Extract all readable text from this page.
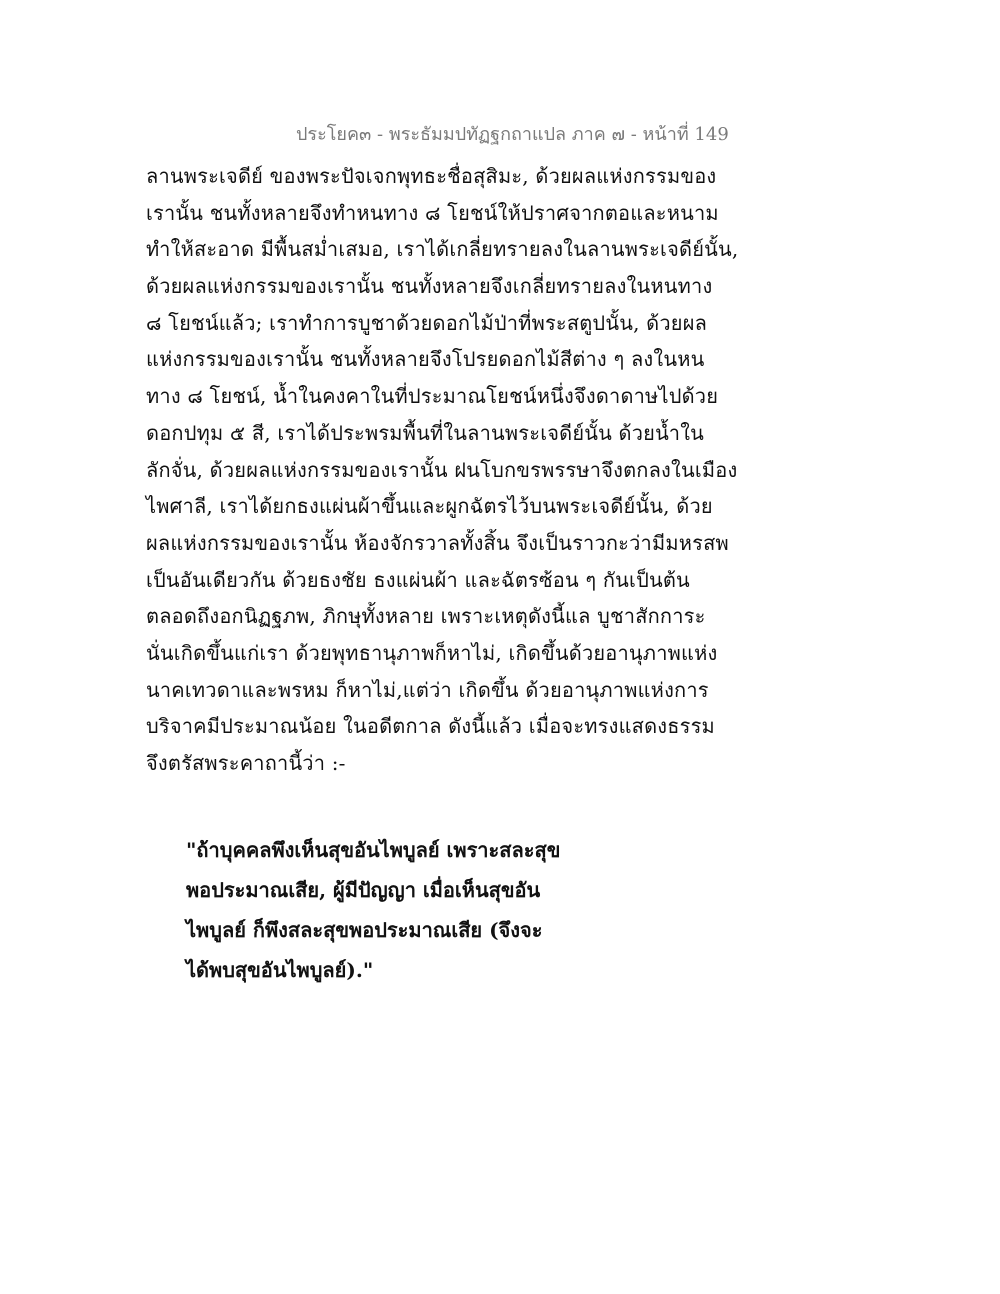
ประโยค๓ - พระธัมมปทัฏฐกถาแปล ภาค ๗ - หน้าที่ 149
ลานพระเจดีย์ ของพระปัจเจกพุทธะชื่อสุสิมะ, ด้วยผลแห่งกรรมของ
เรานั้น ชนทั้งหลายจึงทำหนทาง ๘ โยชน์ให้ปราศจากตอและหนาม
ทำให้สะอาด มีพื้นสม่ำเสมอ, เราได้เกลี่ยทรายลงในลานพระเจดีย์นั้น,
ด้วยผลแห่งกรรมของเรานั้น ชนทั้งหลายจึงเกลี่ยทรายลงในหนทาง
๘ โยชน์แล้ว; เราทำการบูชาด้วยดอกไม้ป่าที่พระสตูปนั้น, ด้วยผล
แห่งกรรมของเรานั้น ชนทั้งหลายจึงโปรยดอกไม้สีต่าง ๆ ลงในหน
ทาง ๘ โยชน์, น้ำในคงคาในที่ประมาณโยชน์หนึ่งจึงดาดาษไปด้วย
ดอกปทุม ๕ สี, เราได้ประพรมพื้นที่ในลานพระเจดีย์นั้น ด้วยน้ำใน
ลักจั่น, ด้วยผลแห่งกรรมของเรานั้น ฝนโบกขรพรรษาจึงตกลงในเมือง
ไพศาลี, เราได้ยกธงแผ่นผ้าขึ้นและผูกฉัตรไว้บนพระเจดีย์นั้น, ด้วย
ผลแห่งกรรมของเรานั้น ห้องจักรวาลทั้งสิ้น จึงเป็นราวกะว่ามีมหรสพ
เป็นอันเดียวกัน ด้วยธงชัย ธงแผ่นผ้า และฉัตรซ้อน ๆ กันเป็นต้น
ตลอดถึงอกนิฏฐภพ, ภิกษุทั้งหลาย เพราะเหตุดังนี้แล บูชาสักการะ
นั่นเกิดขึ้นแก่เรา ด้วยพุทธานุภาพก็หาไม่, เกิดขึ้นด้วยอานุภาพแห่ง
นาคเทวดาและพรหม ก็หาไม่,แต่ว่า เกิดขึ้น ด้วยอานุภาพแห่งการ
บริจาคมีประมาณน้อย ในอดีตกาล ดังนี้แล้ว เมื่อจะทรงแสดงธรรม
จึงตรัสพระคาถานี้ว่า :-
"ถ้าบุคคลพึงเห็นสุขอันไพบูลย์ เพราะสละสุข
พอประมาณเสีย, ผู้มีปัญญา เมื่อเห็นสุขอัน
ไพบูลย์ ก็พึงสละสุขพอประมาณเสีย (จึงจะ
ได้พบสุขอันไพบูลย์)."
